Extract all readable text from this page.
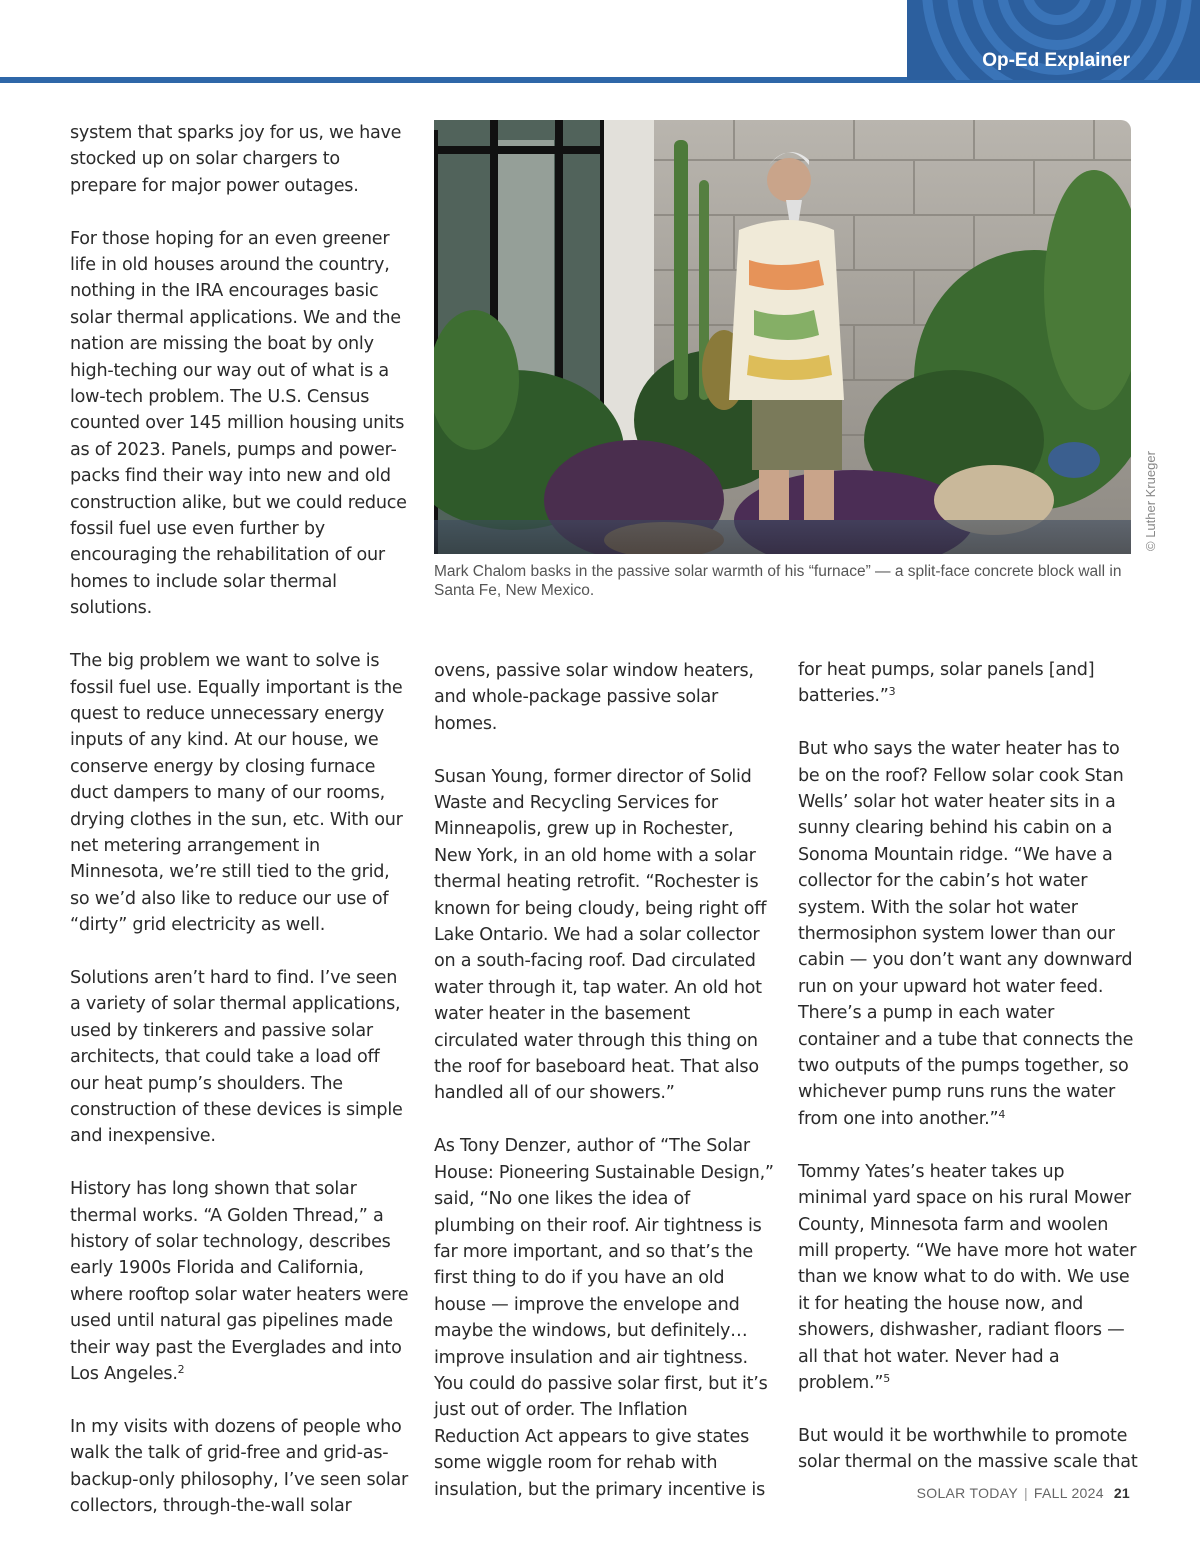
Op-Ed Explainer

system that sparks joy for us, we have stocked up on solar chargers to prepare for major power outages.

For those hoping for an even greener life in old houses around the country, nothing in the IRA encourages basic solar thermal applications. We and the nation are missing the boat by only high-teching our way out of what is a low-tech problem. The U.S. Census counted over 145 million housing units as of 2023. Panels, pumps and power-packs find their way into new and old construction alike, but we could reduce fossil fuel use even further by encouraging the rehabilitation of our homes to include solar thermal solutions.

The big problem we want to solve is fossil fuel use. Equally important is the quest to reduce unnecessary energy inputs of any kind. At our house, we conserve energy by closing furnace duct dampers to many of our rooms, drying clothes in the sun, etc. With our net metering arrangement in Minnesota, we’re still tied to the grid, so we’d also like to reduce our use of “dirty” grid electricity as well.

Solutions aren’t hard to find. I’ve seen a variety of solar thermal applications, used by tinkerers and passive solar architects, that could take a load off our heat pump’s shoulders. The construction of these devices is simple and inexpensive.

History has long shown that solar thermal works. “A Golden Thread,” a history of solar technology, describes early 1900s Florida and California, where rooftop solar water heaters were used until natural gas pipelines made their way past the Everglades and into Los Angeles.$^2$

In my visits with dozens of people who walk the talk of grid-free and grid-as-backup-only philosophy, I’ve seen solar collectors, through-the-wall solar

Mark Chalom basks in the passive solar warmth of his “furnace” — a split-face concrete block wall in Santa Fe, New Mexico.
© Luther Krueger

ovens, passive solar window heaters, and whole-package passive solar homes.

Susan Young, former director of Solid Waste and Recycling Services for Minneapolis, grew up in Rochester, New York, in an old home with a solar thermal heating retrofit. “Rochester is known for being cloudy, being right off Lake Ontario. We had a solar collector on a south-facing roof. Dad circulated water through it, tap water. An old hot water heater in the basement circulated water through this thing on the roof for baseboard heat. That also handled all of our showers.”

As Tony Denzer, author of “The Solar House: Pioneering Sustainable Design,” said, “No one likes the idea of plumbing on their roof. Air tightness is far more important, and so that’s the first thing to do if you have an old house — improve the envelope and maybe the windows, but definitely… improve insulation and air tightness. You could do passive solar first, but it’s just out of order. The Inflation Reduction Act appears to give states some wiggle room for rehab with insulation, but the primary incentive is

for heat pumps, solar panels [and] batteries.”$^3$

But who says the water heater has to be on the roof? Fellow solar cook Stan Wells’ solar hot water heater sits in a sunny clearing behind his cabin on a Sonoma Mountain ridge. “We have a collector for the cabin’s hot water system. With the solar hot water thermosiphon system lower than our cabin — you don’t want any downward run on your upward hot water feed. There’s a pump in each water container and a tube that connects the two outputs of the pumps together, so whichever pump runs runs the water from one into another.”$^4$

Tommy Yates’s heater takes up minimal yard space on his rural Mower County, Minnesota farm and woolen mill property. “We have more hot water than we know what to do with. We use it for heating the house now, and showers, dishwasher, radiant floors — all that hot water. Never had a problem.”$^5$

But would it be worthwhile to promote solar thermal on the massive scale that

SOLAR TODAY | FALL 2024 21
